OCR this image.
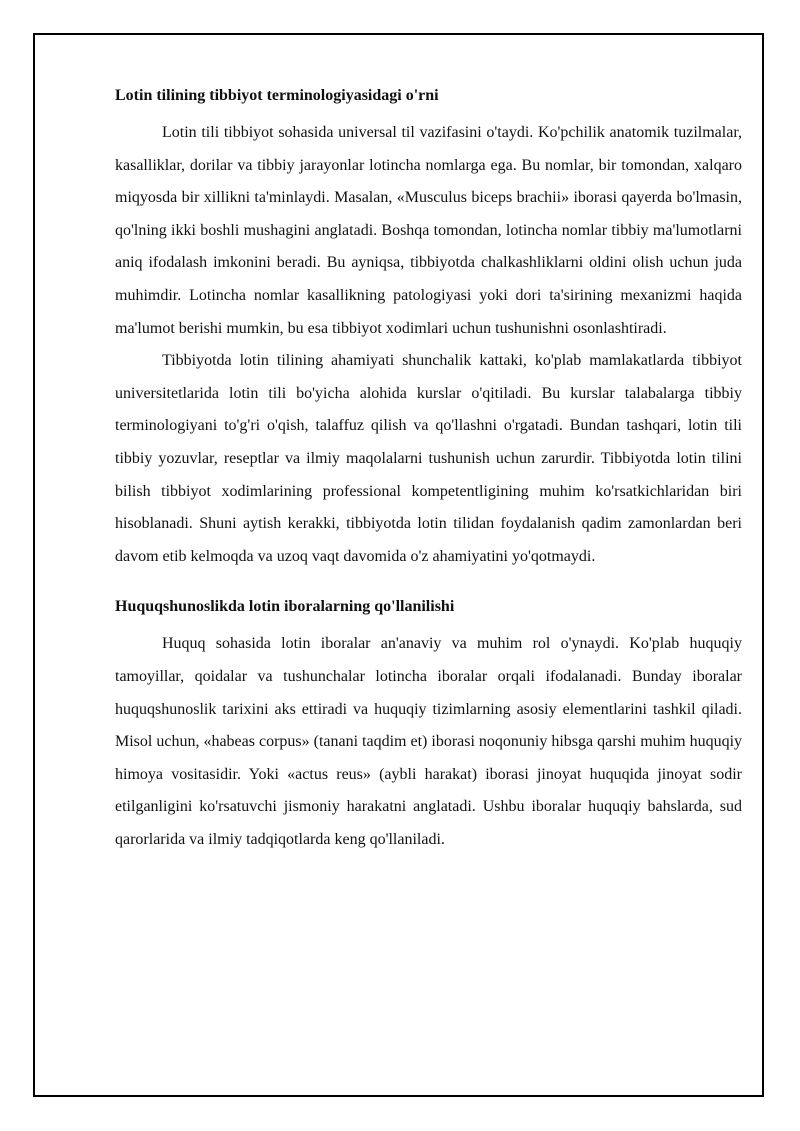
Lotin tilining tibbiyot terminologiyasidagi o'rni

Lotin tili tibbiyot sohasida universal til vazifasini o'taydi. Ko'pchilik anatomik tuzilmalar, kasalliklar, dorilar va tibbiy jarayonlar lotincha nomlarga ega. Bu nomlar, bir tomondan, xalqaro miqyosda bir xillikni ta'minlaydi. Masalan, «Musculus biceps brachii» iborasi qayerda bo'lmasin, qo'lning ikki boshli mushagini anglatadi. Boshqa tomondan, lotincha nomlar tibbiy ma'lumotlarni aniq ifodalash imkonini beradi. Bu ayniqsa, tibbiyotda chalkashliklarni oldini olish uchun juda muhimdir. Lotincha nomlar kasallikning patologiyasi yoki dori ta'sirining mexanizmi haqida ma'lumot berishi mumkin, bu esa tibbiyot xodimlari uchun tushunishni osonlashtiradi.

Tibbiyotda lotin tilining ahamiyati shunchalik kattaki, ko'plab mamlakatlarda tibbiyot universitetlarida lotin tili bo'yicha alohida kurslar o'qitiladi. Bu kurslar talabalarga tibbiy terminologiyani to'g'ri o'qish, talaffuz qilish va qo'llashni o'rgatadi. Bundan tashqari, lotin tili tibbiy yozuvlar, reseptlar va ilmiy maqolalarni tushunish uchun zarurdir. Tibbiyotda lotin tilini bilish tibbiyot xodimlarining professional kompetentligining muhim ko'rsatkichlaridan biri hisoblanadi. Shuni aytish kerakki, tibbiyotda lotin tilidan foydalanish qadim zamonlardan beri davom etib kelmoqda va uzoq vaqt davomida o'z ahamiyatini yo'qotmaydi.

Huquqshunoslikda lotin iboralarning qo'llanilishi

Huquq sohasida lotin iboralar an'anaviy va muhim rol o'ynaydi. Ko'plab huquqiy tamoyillar, qoidalar va tushunchalar lotincha iboralar orqali ifodalanadi. Bunday iboralar huquqshunoslik tarixini aks ettiradi va huquqiy tizimlarning asosiy elementlarini tashkil qiladi. Misol uchun, «habeas corpus» (tanani taqdim et) iborasi noqonuniy hibsga qarshi muhim huquqiy himoya vositasidir. Yoki «actus reus» (aybli harakat) iborasi jinoyat huquqida jinoyat sodir etilganligini ko'rsatuvchi jismoniy harakatni anglatadi. Ushbu iboralar huquqiy bahslarda, sud qarorlarida va ilmiy tadqiqotlarda keng qo'llaniladi.
